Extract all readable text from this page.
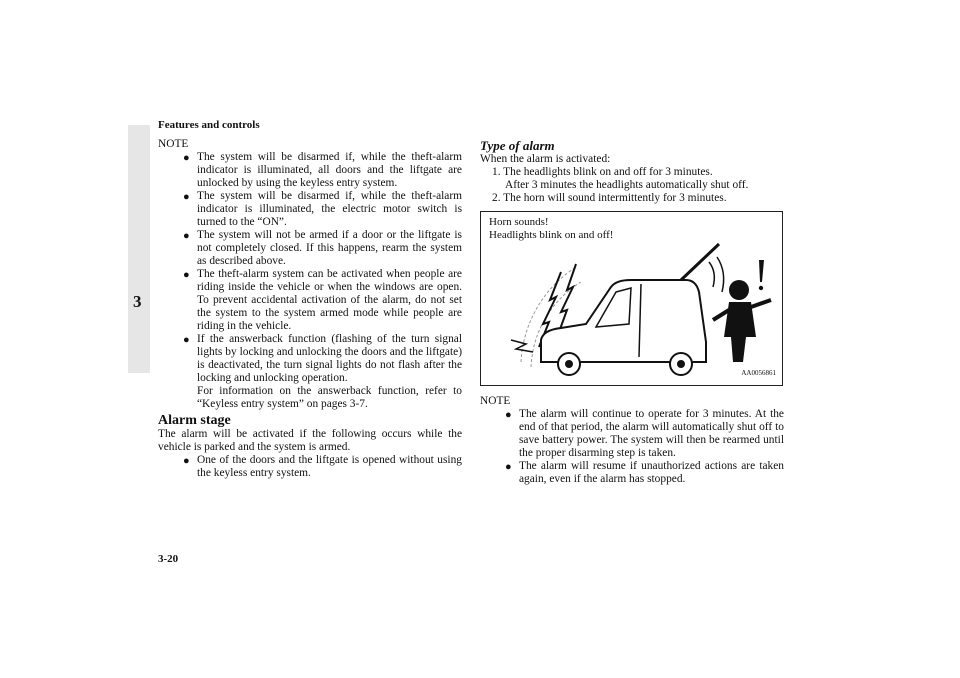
3
Features and controls
NOTE
● The system will be disarmed if, while the theft-alarm indicator is illuminated, all doors and the liftgate are unlocked by using the keyless entry system.
● The system will be disarmed if, while the theft-alarm indicator is illuminated, the electric motor switch is turned to the “ON”.
● The system will not be armed if a door or the liftgate is not completely closed. If this happens, rearm the system as described above.
● The theft-alarm system can be activated when people are riding inside the vehicle or when the windows are open. To prevent accidental activation of the alarm, do not set the system to the system armed mode while people are riding in the vehicle.
● If the answerback function (flashing of the turn signal lights by locking and unlocking the doors and the liftgate) is deactivated, the turn signal lights do not flash after the locking and unlocking operation.
For information on the answerback function, refer to “Keyless entry system” on pages 3-7.
Alarm stage

The alarm will be activated if the following occurs while the vehicle is parked and the system is armed.

● One of the doors and the liftgate is opened without using the keyless entry system.
Type of alarm

When the alarm is activated:

1. The headlights blink on and off for 3 minutes.
After 3 minutes the headlights automatically shut off.
2. The horn will sound intermittently for 3 minutes.
Horn sounds!
Headlights blink on and off!
AA0056861
NOTE
● The alarm will continue to operate for 3 minutes. At the end of that period, the alarm will automatically shut off to save battery power. The system will then be rearmed until the proper disarming step is taken.
● The alarm will resume if unauthorized actions are taken again, even if the alarm has stopped.
3-20
